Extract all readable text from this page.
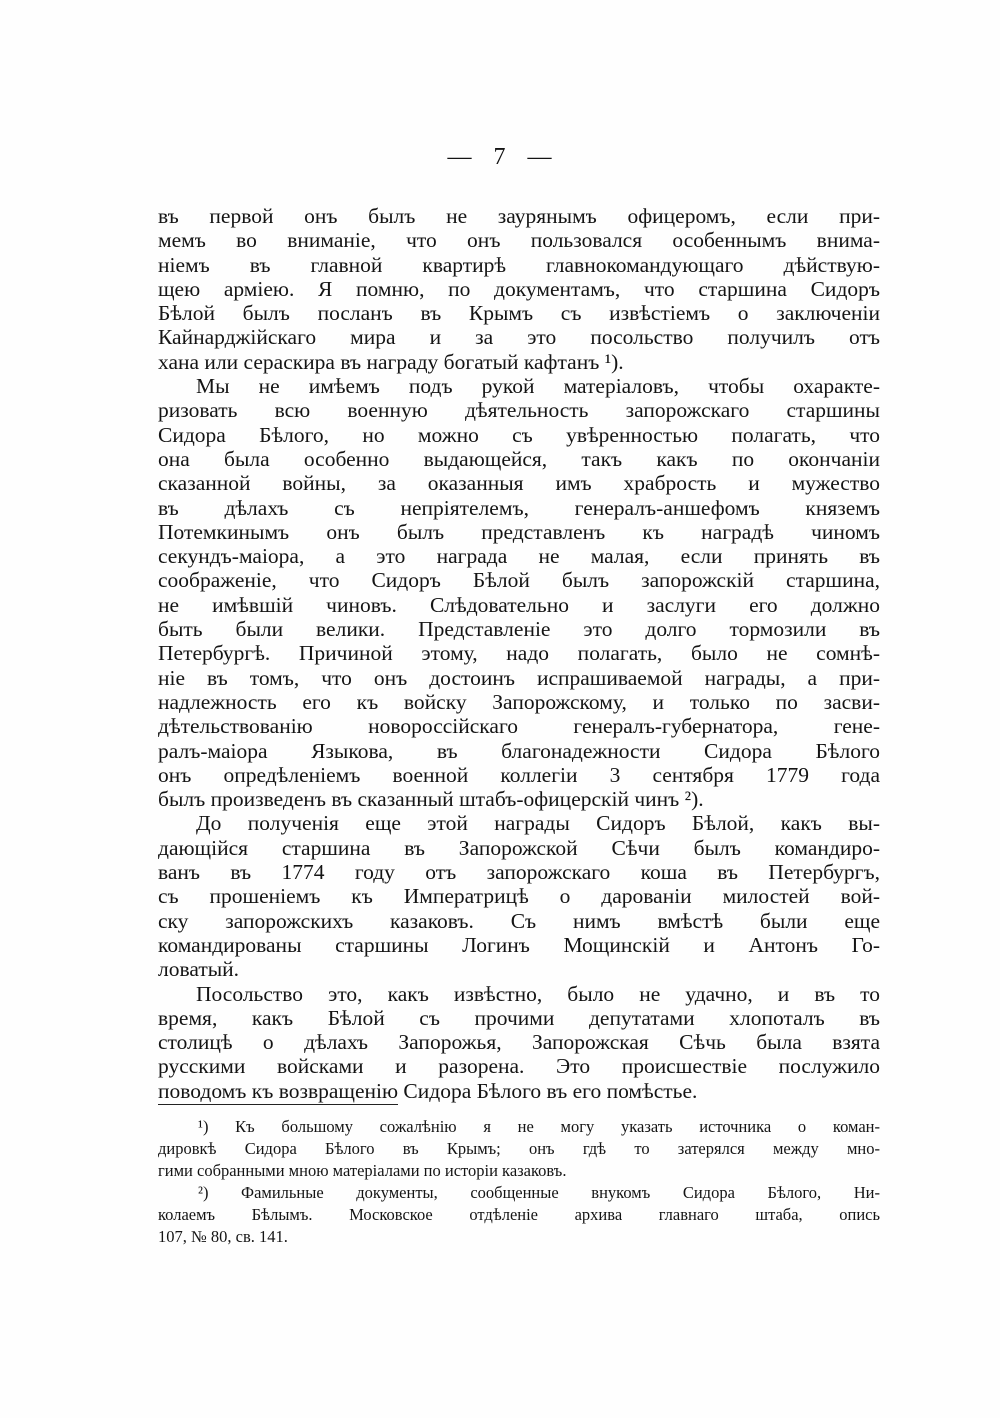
— 7 —
въ первой онъ былъ не заурянымъ офицеромъ, если при-
мемъ во вниманіе, что онъ пользовался особеннымъ внима-
ніемъ въ главной квартирѣ главнокомандующаго дѣйствую-
щею арміею. Я помню, по документамъ, что старшина Сидоръ
Бѣлой былъ посланъ въ Крымъ съ извѣстіемъ о заключеніи
Кайнарджійскаго мира и за это посольство получилъ отъ
хана или сераскира въ награду богатый кафтанъ ¹).
Мы не имѣемъ подъ рукой матеріаловъ, чтобы охаракте-
ризовать всю военную дѣятельность запорожскаго старшины
Сидора Бѣлого, но можно съ увѣренностью полагать, что
она была особенно выдающейся, такъ какъ по окончаніи
сказанной войны, за оказанныя имъ храбрость и мужество
въ дѣлахъ съ непріятелемъ, генералъ-аншефомъ княземъ
Потемкинымъ онъ былъ представленъ къ наградѣ чиномъ
секундъ-маіора, а это награда не малая, если принять въ
соображеніе, что Сидоръ Бѣлой былъ запорожскій старшина,
не имѣвшій чиновъ. Слѣдовательно и заслуги его должно
быть были велики. Представленіе это долго тормозили въ
Петербургѣ. Причиной этому, надо полагать, было не сомнѣ-
ніе въ томъ, что онъ достоинъ испрашиваемой награды, а при-
надлежность его къ войску Запорожскому, и только по засви-
дѣтельствованію новороссійскаго генералъ-губернатора, гене-
ралъ-маіора Языкова, въ благонадежности Сидора Бѣлого
онъ опредѣленіемъ военной коллегіи 3 сентября 1779 года
былъ произведенъ въ сказанный штабъ-офицерскій чинъ ²).
До полученія еще этой награды Сидоръ Бѣлой, какъ вы-
дающійся старшина въ Запорожской Сѣчи былъ командиро-
ванъ въ 1774 году отъ запорожскаго коша въ Петербургъ,
съ прошеніемъ къ Императрицѣ о дарованіи милостей вой-
ску запорожскихъ казаковъ. Съ нимъ вмѣстѣ были еще
командированы старшины Логинъ Мощинскій и Антонъ Го-
ловатый.
Посольство это, какъ извѣстно, было не удачно, и въ то
время, какъ Бѣлой съ прочими депутатами хлопоталъ въ
столицѣ о дѣлахъ Запорожья, Запорожская Сѣчь была взята
русскими войсками и разорена. Это происшествіе послужило
поводомъ къ возвращенію Сидора Бѣлого въ его помѣстье.
¹) Къ большому сожалѣнію я не могу указать источника о коман-
дировкѣ Сидора Бѣлого въ Крымъ; онъ гдѣ то затерялся между мно-
гими собранными мною матеріалами по исторіи казаковъ.
²) Фамильные документы, сообщенные внукомъ Сидора Бѣлого, Ни-
колаемъ Бѣлымъ. Московское отдѣленіе архива главнаго штаба, опись
107, № 80, св. 141.
